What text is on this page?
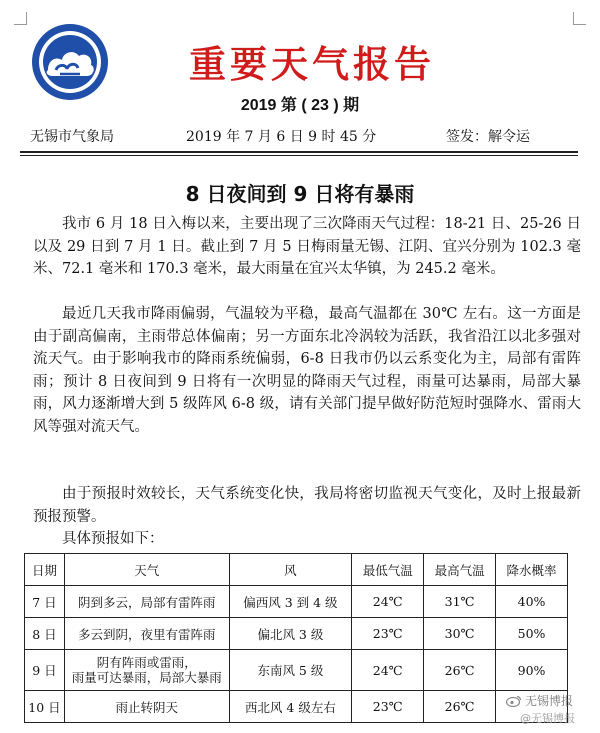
重要天气报告
2019 第 ( 23 ) 期
无锡市气象局	2019 年 7 月 6 日 9 时 45 分	签发：解令运
8 日夜间到 9 日将有暴雨

我市 6 月 18 日入梅以来，主要出现了三次降雨天气过程：18-21 日、25-26 日以及 29 日到 7 月 1 日。截止到 7 月 5 日梅雨量无锡、江阴、宜兴分别为 102.3 毫米、72.1 毫米和 170.3 毫米，最大雨量在宜兴太华镇，为 245.2 毫米。

最近几天我市降雨偏弱，气温较为平稳，最高气温都在 30℃ 左右。这一方面是由于副高偏南，主雨带总体偏南；另一方面东北冷涡较为活跃，我省沿江以北多强对流天气。由于影响我市的降雨系统偏弱，6-8 日我市仍以云系变化为主，局部有雷阵雨；预计 8 日夜间到 9 日将有一次明显的降雨天气过程，雨量可达暴雨，局部大暴雨，风力逐渐增大到 5 级阵风 6-8 级，请有关部门提早做好防范短时强降水、雷雨大风等强对流天气。

由于预报时效较长，天气系统变化快，我局将密切监视天气变化，及时上报最新预报预警。

具体预报如下：

日期	天气	风	最低气温	最高气温	降水概率
7 日	阴到多云，局部有雷阵雨	偏西风 3 到 4 级	24℃	31℃	40%
8 日	多云到阴，夜里有雷阵雨	偏北风 3 级	23℃	30℃	50%
9 日	阴有阵雨或雷雨，
雨量可达暴雨，局部大暴雨	东南风 5 级	24℃	26℃	90%
10 日	雨止转阴天	西北风 4 级左右	23℃	26℃		无锡博报
@无锡博报
